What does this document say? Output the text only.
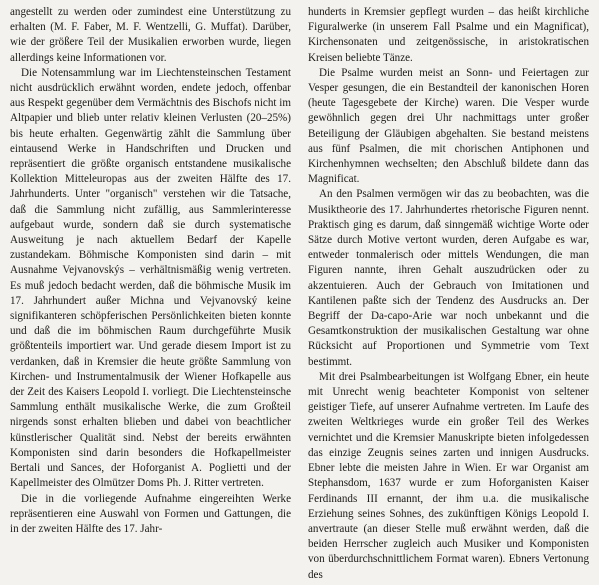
angestellt zu werden oder zumindest eine Unterstützung zu erhalten (M. F. Faber, M. F. Wentzelli, G. Muffat). Darüber, wie der größere Teil der Musikalien erworben wurde, liegen allerdings keine Informationen vor.

Die Notensammlung war im Liechtensteinschen Testament nicht ausdrücklich erwähnt worden, endete jedoch, offenbar aus Respekt gegenüber dem Vermächtnis des Bischofs nicht im Altpapier und blieb unter relativ kleinen Verlusten (20–25%) bis heute erhalten. Gegenwärtig zählt die Sammlung über eintausend Werke in Handschriften und Drucken und repräsentiert die größte organisch entstandene musikalische Kollektion Mitteleuropas aus der zweiten Hälfte des 17. Jahrhunderts. Unter "organisch" verstehen wir die Tatsache, daß die Sammlung nicht zufällig, aus Sammlerinteresse aufgebaut wurde, sondern daß sie durch systematische Ausweitung je nach aktuellem Bedarf der Kapelle zustandekam. Böhmische Komponisten sind darin – mit Ausnahme Vejvanovskýs – verhältnismäßig wenig vertreten. Es muß jedoch bedacht werden, daß die böhmische Musik im 17. Jahrhundert außer Michna und Vejvanovský keine signifikanteren schöpferischen Persönlichkeiten bieten konnte und daß die im böhmischen Raum durchgeführte Musik größtenteils importiert war. Und gerade diesem Import ist zu verdanken, daß in Kremsier die heute größte Sammlung von Kirchen- und Instrumentalmusik der Wiener Hofkapelle aus der Zeit des Kaisers Leopold I. vorliegt. Die Liechtensteinsche Sammlung enthält musikalische Werke, die zum Großteil nirgends sonst erhalten blieben und dabei von beachtlicher künstlerischer Qualität sind. Nebst der bereits erwähnten Komponisten sind darin besonders die Hofkapellmeister Bertali und Sances, der Hoforganist A. Poglietti und der Kapellmeister des Olmützer Doms Ph. J. Ritter vertreten.

Die in die vorliegende Aufnahme eingereihten Werke repräsentieren eine Auswahl von Formen und Gattungen, die in der zweiten Hälfte des 17. Jahr-

hunderts in Kremsier gepflegt wurden – das heißt kirchliche Figuralwerke (in unserem Fall Psalme und ein Magnificat), Kirchensonaten und zeitgenössische, in aristokratischen Kreisen beliebte Tänze.

Die Psalme wurden meist an Sonn- und Feiertagen zur Vesper gesungen, die ein Bestandteil der kanonischen Horen (heute Tagesgebete der Kirche) waren. Die Vesper wurde gewöhnlich gegen drei Uhr nachmittags unter großer Beteiligung der Gläubigen abgehalten. Sie bestand meistens aus fünf Psalmen, die mit chorischen Antiphonen und Kirchenhymnen wechselten; den Abschluß bildete dann das Magnificat.

An den Psalmen vermögen wir das zu beobachten, was die Musiktheorie des 17. Jahrhundertes rhetorische Figuren nennt. Praktisch ging es darum, daß sinngemäß wichtige Worte oder Sätze durch Motive vertont wurden, deren Aufgabe es war, entweder tonmalerisch oder mittels Wendungen, die man Figuren nannte, ihren Gehalt auszudrücken oder zu akzentuieren. Auch der Gebrauch von Imitationen und Kantilenen paßte sich der Tendenz des Ausdrucks an. Der Begriff der Da-capo-Arie war noch unbekannt und die Gesamtkonstruktion der musikalischen Gestaltung war ohne Rücksicht auf Proportionen und Symmetrie vom Text bestimmt.

Mit drei Psalmbearbeitungen ist Wolfgang Ebner, ein heute mit Unrecht wenig beachteter Komponist von seltener geistiger Tiefe, auf unserer Aufnahme vertreten. Im Laufe des zweiten Weltkrieges wurde ein großer Teil des Werkes vernichtet und die Kremsier Manuskripte bieten infolgedessen das einzige Zeugnis seines zarten und innigen Ausdrucks. Ebner lebte die meisten Jahre in Wien. Er war Organist am Stephansdom, 1637 wurde er zum Hoforganisten Kaiser Ferdinands III ernannt, der ihm u.a. die musikalische Erziehung seines Sohnes, des zukünftigen Königs Leopold I. anvertraute (an dieser Stelle muß erwähnt werden, daß die beiden Herrscher zugleich auch Musiker und Komponisten von überdurchschnittlichem Format waren). Ebners Vertonung des
